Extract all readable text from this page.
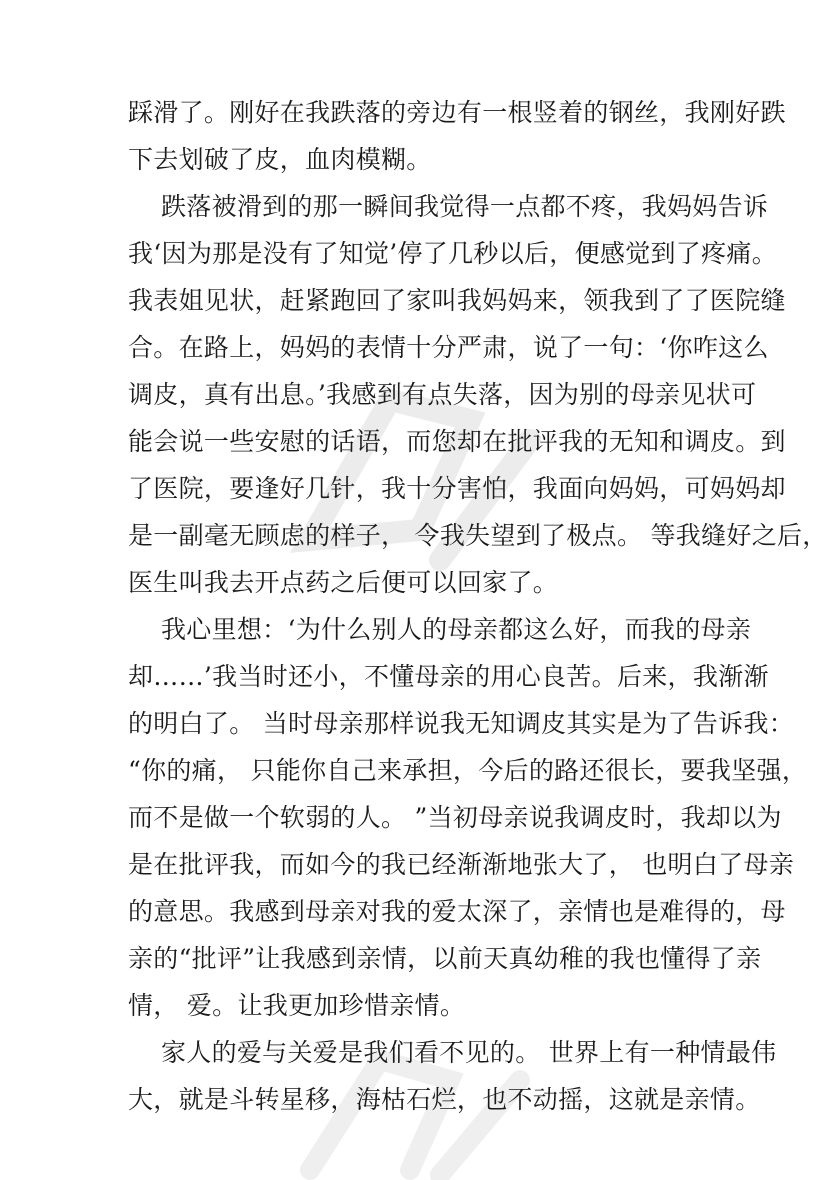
踩滑了。刚好在我跌落的旁边有一根竖着的钢丝，我刚好跌
下去划破了皮，血肉模糊。
跌落被滑到的那一瞬间我觉得一点都不疼，我妈妈告诉
我‘因为那是没有了知觉’停了几秒以后，便感觉到了疼痛。
我表姐见状，赶紧跑回了家叫我妈妈来，领我到了了医院缝
合。在路上，妈妈的表情十分严肃，说了一句：‘你咋这么
调皮，真有出息。’我感到有点失落，因为别的母亲见状可
能会说一些安慰的话语，而您却在批评我的无知和调皮。到
了医院，要逢好几针，我十分害怕，我面向妈妈，可妈妈却
是一副毫无顾虑的样子， 令我失望到了极点。 等我缝好之后，
医生叫我去开点药之后便可以回家了。
我心里想：‘为什么别人的母亲都这么好，而我的母亲
却……’我当时还小，不懂母亲的用心良苦。后来，我渐渐
的明白了。 当时母亲那样说我无知调皮其实是为了告诉我：
“你的痛， 只能你自己来承担，今后的路还很长，要我坚强，
而不是做一个软弱的人。 ”当初母亲说我调皮时，我却以为
是在批评我，而如今的我已经渐渐地张大了， 也明白了母亲
的意思。我感到母亲对我的爱太深了，亲情也是难得的，母
亲的“批评”让我感到亲情，以前天真幼稚的我也懂得了亲
情， 爱。让我更加珍惜亲情。
家人的爱与关爱是我们看不见的。 世界上有一种情最伟
大，就是斗转星移，海枯石烂，也不动摇，这就是亲情。
